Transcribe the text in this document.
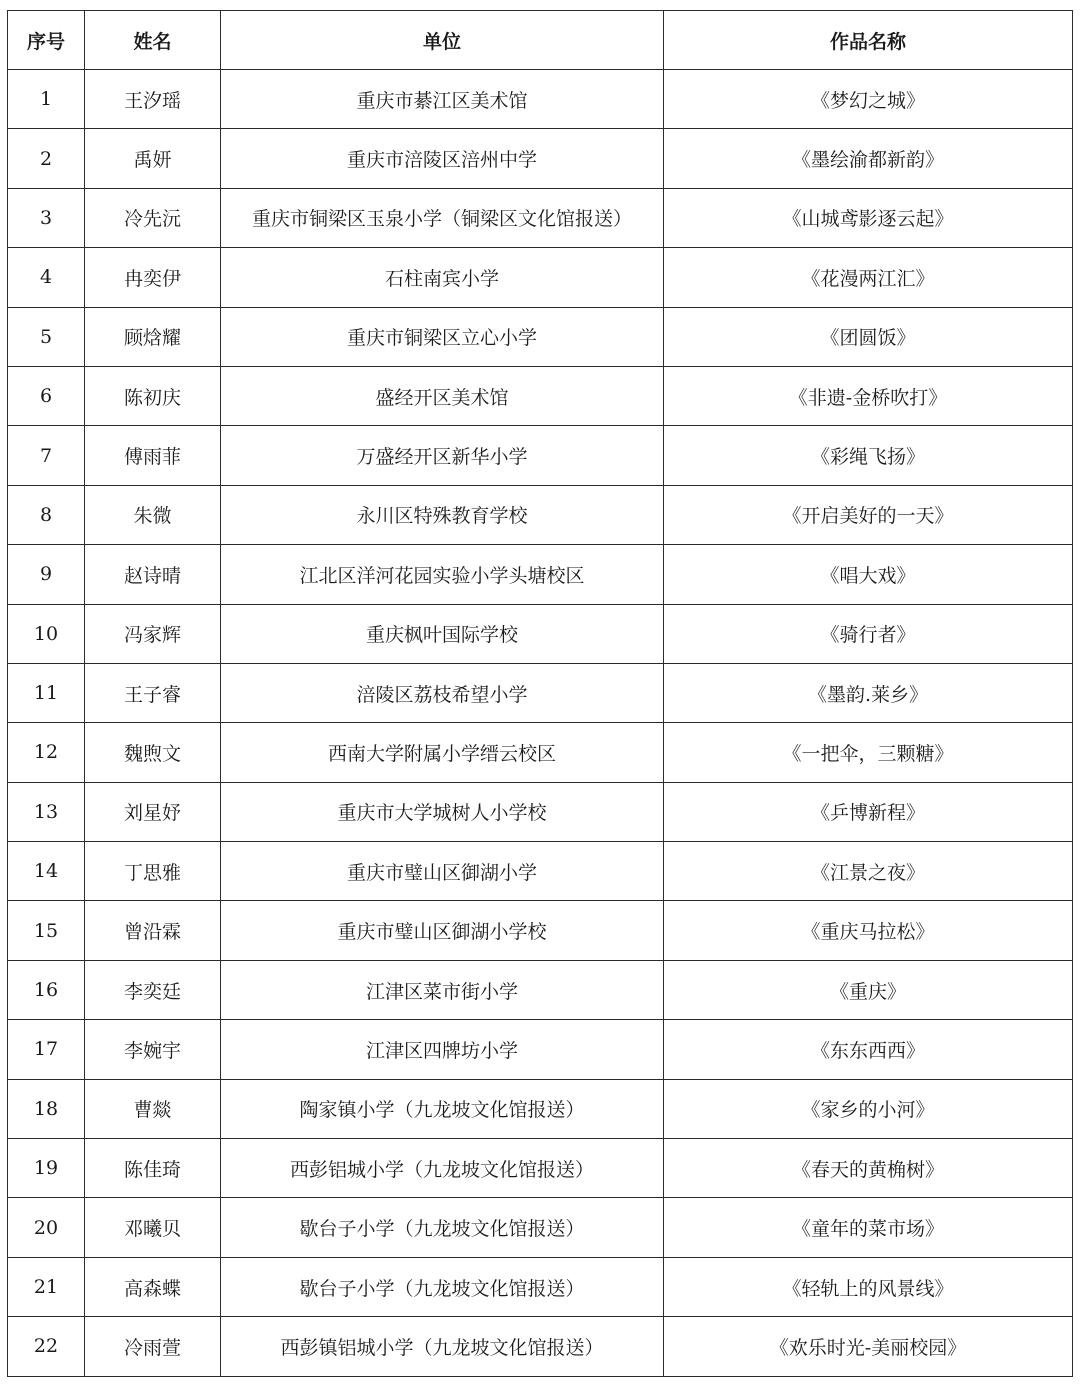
序号	姓名	单位	作品名称
1	王汐瑶	重庆市綦江区美术馆	《梦幻之城》
2	禹妍	重庆市涪陵区涪州中学	《墨绘渝都新韵》
3	冷先沅	重庆市铜梁区玉泉小学（铜梁区文化馆报送）	《山城鸢影逐云起》
4	冉奕伊	石柱南宾小学	《花漫两江汇》
5	顾焓耀	重庆市铜梁区立心小学	《团圆饭》
6	陈初庆	盛经开区美术馆	《非遗-金桥吹打》
7	傅雨菲	万盛经开区新华小学	《彩绳飞扬》
8	朱微	永川区特殊教育学校	《开启美好的一天》
9	赵诗晴	江北区洋河花园实验小学头塘校区	《唱大戏》
10	冯家辉	重庆枫叶国际学校	《骑行者》
11	王子睿	涪陵区荔枝希望小学	《墨韵.莱乡》
12	魏煦文	西南大学附属小学缙云校区	《一把伞，三颗糖》
13	刘星妤	重庆市大学城树人小学校	《乒博新程》
14	丁思雅	重庆市璧山区御湖小学	《江景之夜》
15	曾沿霖	重庆市璧山区御湖小学校	《重庆马拉松》
16	李奕廷	江津区菜市街小学	《重庆》
17	李婉宇	江津区四牌坊小学	《东东西西》
18	曹燚	陶家镇小学（九龙坡文化馆报送）	《家乡的小河》
19	陈佳琦	西彭铝城小学（九龙坡文化馆报送）	《春天的黄桷树》
20	邓曦贝	歇台子小学（九龙坡文化馆报送）	《童年的菜市场》
21	高森蝶	歇台子小学（九龙坡文化馆报送）	《轻轨上的风景线》
22	冷雨萱	西彭镇铝城小学（九龙坡文化馆报送）	《欢乐时光-美丽校园》
